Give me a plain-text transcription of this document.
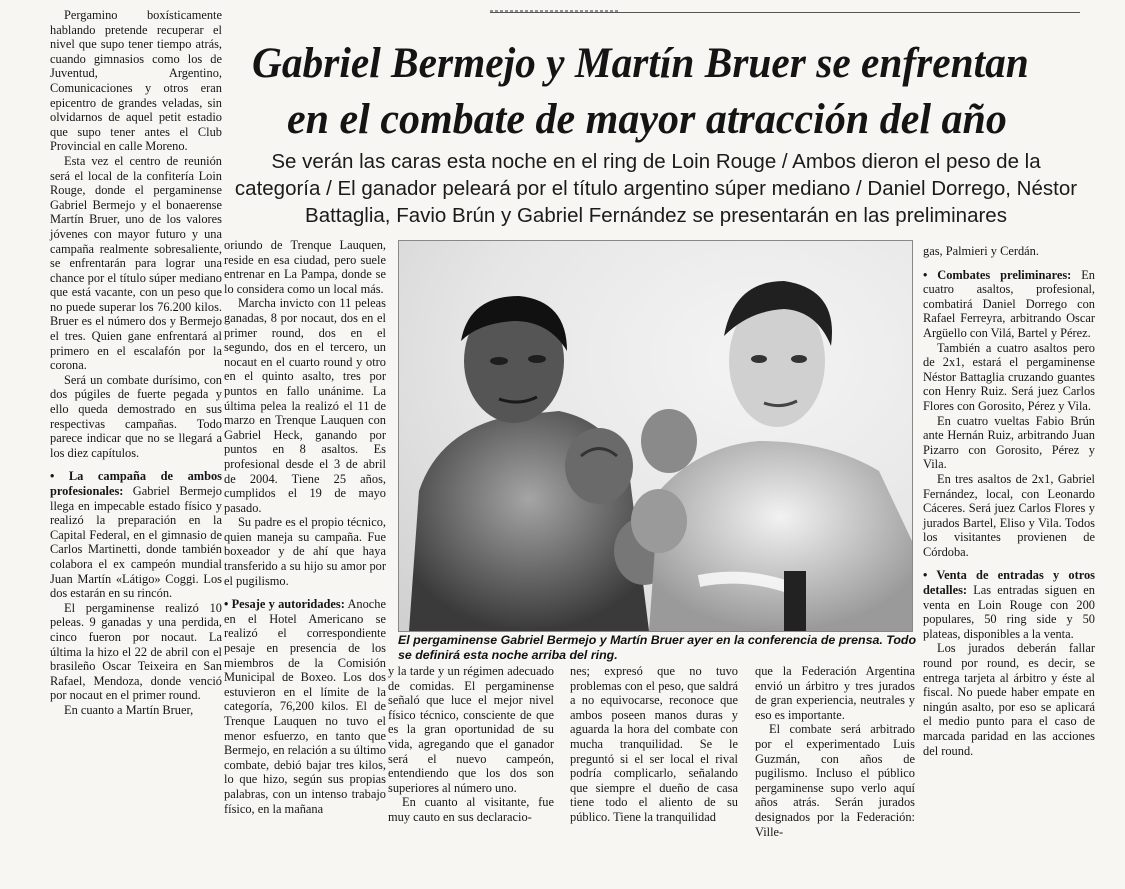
Gabriel Bermejo y Martín Bruer se enfrentan
en el combate de mayor atracción del año
Se verán las caras esta noche en el ring de Loin Rouge / Ambos dieron el peso de la categoría / El ganador peleará por el título argentino súper mediano / Daniel Dorrego, Néstor Battaglia, Favio Brún y Gabriel Fernández se presentarán en las preliminares

Pergamino boxísticamente hablando pretende recuperar el nivel que supo tener tiempo atrás, cuando gimnasios como los de Juventud, Argentino, Comunicaciones y otros eran epicentro de grandes veladas, sin olvidarnos de aquel petit estadio que supo tener antes el Club Provincial en calle Moreno.

Esta vez el centro de reunión será el local de la confitería Loin Rouge, donde el pergaminense Gabriel Bermejo y el bonaerense Martín Bruer, uno de los valores jóvenes con mayor futuro y una campaña realmente sobresaliente, se enfrentarán para lograr una chance por el título súper mediano que está vacante, con un peso que no puede superar los 76.200 kilos. Bruer es el número dos y Bermejo el tres. Quien gane enfrentará al primero en el escalafón por la corona.

Será un combate durísimo, con dos púgiles de fuerte pegada y ello queda demostrado en sus respectivas campañas. Todo parece indicar que no se llegará a los diez capítulos.

• La campaña de ambos profesionales: Gabriel Bermejo llega en impecable estado físico y realizó la preparación en la Capital Federal, en el gimnasio de Carlos Martinetti, donde también colabora el ex campeón mundial Juan Martín «Látigo» Coggi. Los dos estarán en su rincón.

El pergaminense realizó 10 peleas. 9 ganadas y una perdida, cinco fueron por nocaut. La última la hizo el 22 de abril con el brasileño Oscar Teixeira en San Rafael, Mendoza, donde venció por nocaut en el primer round.

En cuanto a Martín Bruer,

oriundo de Trenque Lauquen, reside en esa ciudad, pero suele entrenar en La Pampa, donde se lo considera como un local más.

Marcha invicto con 11 peleas ganadas, 8 por nocaut, dos en el primer round, dos en el segundo, dos en el tercero, un nocaut en el cuarto round y otro en el quinto asalto, tres por puntos en fallo unánime. La última pelea la realizó el 11 de marzo en Trenque Lauquen con Gabriel Heck, ganando por puntos en 8 asaltos. Es profesional desde el 3 de abril de 2004. Tiene 25 años, cumplidos el 19 de mayo pasado.

Su padre es el propio técnico, quien maneja su campaña. Fue boxeador y de ahí que haya transferido a su hijo su amor por el pugilismo.

• Pesaje y autoridades: Anoche en el Hotel Americano se realizó el correspondiente pesaje en presencia de los miembros de la Comisión Municipal de Boxeo. Los dos estuvieron en el límite de la categoría, 76,200 kilos. El de Trenque Lauquen no tuvo el menor esfuerzo, en tanto que Bermejo, en relación a su último combate, debió bajar tres kilos, lo que hizo, según sus propias palabras, con un intenso trabajo físico, en la mañana

El pergaminense Gabriel Bermejo y Martín Bruer ayer en la conferencia de prensa. Todo se definirá esta noche arriba del ring.

y la tarde y un régimen adecuado de comidas. El pergaminense señaló que luce el mejor nivel físico técnico, consciente de que es la gran oportunidad de su vida, agregando que el ganador será el nuevo campeón, entendiendo que los dos son superiores al número uno.

En cuanto al visitante, fue muy cauto en sus declaracio-

nes; expresó que no tuvo problemas con el peso, que saldrá a no equivocarse, reconoce que ambos poseen manos duras y aguarda la hora del combate con mucha tranquilidad. Se le preguntó si el ser local el rival podría complicarlo, señalando que siempre el dueño de casa tiene todo el aliento de su público. Tiene la tranquilidad

que la Federación Argentina envió un árbitro y tres jurados de gran experiencia, neutrales y eso es importante.

El combate será arbitrado por el experimentado Luis Guzmán, con años de pugilismo. Incluso el público pergaminense supo verlo aquí años atrás. Serán jurados designados por la Federación: Ville-

gas, Palmieri y Cerdán.

• Combates preliminares: En cuatro asaltos, profesional, combatirá Daniel Dorrego con Rafael Ferreyra, arbitrando Oscar Argüello con Vilá, Bartel y Pérez.

También a cuatro asaltos pero de 2x1, estará el pergaminense Néstor Battaglia cruzando guantes con Henry Ruiz. Será juez Carlos Flores con Gorosito, Pérez y Vila.

En cuatro vueltas Fabio Brún ante Hernán Ruiz, arbitrando Juan Pizarro con Gorosito, Pérez y Vila.

En tres asaltos de 2x1, Gabriel Fernández, local, con Leonardo Cáceres. Será juez Carlos Flores y jurados Bartel, Eliso y Vila. Todos los visitantes provienen de Córdoba.

• Venta de entradas y otros detalles: Las entradas siguen en venta en Loin Rouge con 200 populares, 50 ring side y 50 plateas, disponibles a la venta.

Los jurados deberán fallar round por round, es decir, se entrega tarjeta al árbitro y éste al fiscal. No puede haber empate en ningún asalto, por eso se aplicará el medio punto para el caso de marcada paridad en las acciones del round.
